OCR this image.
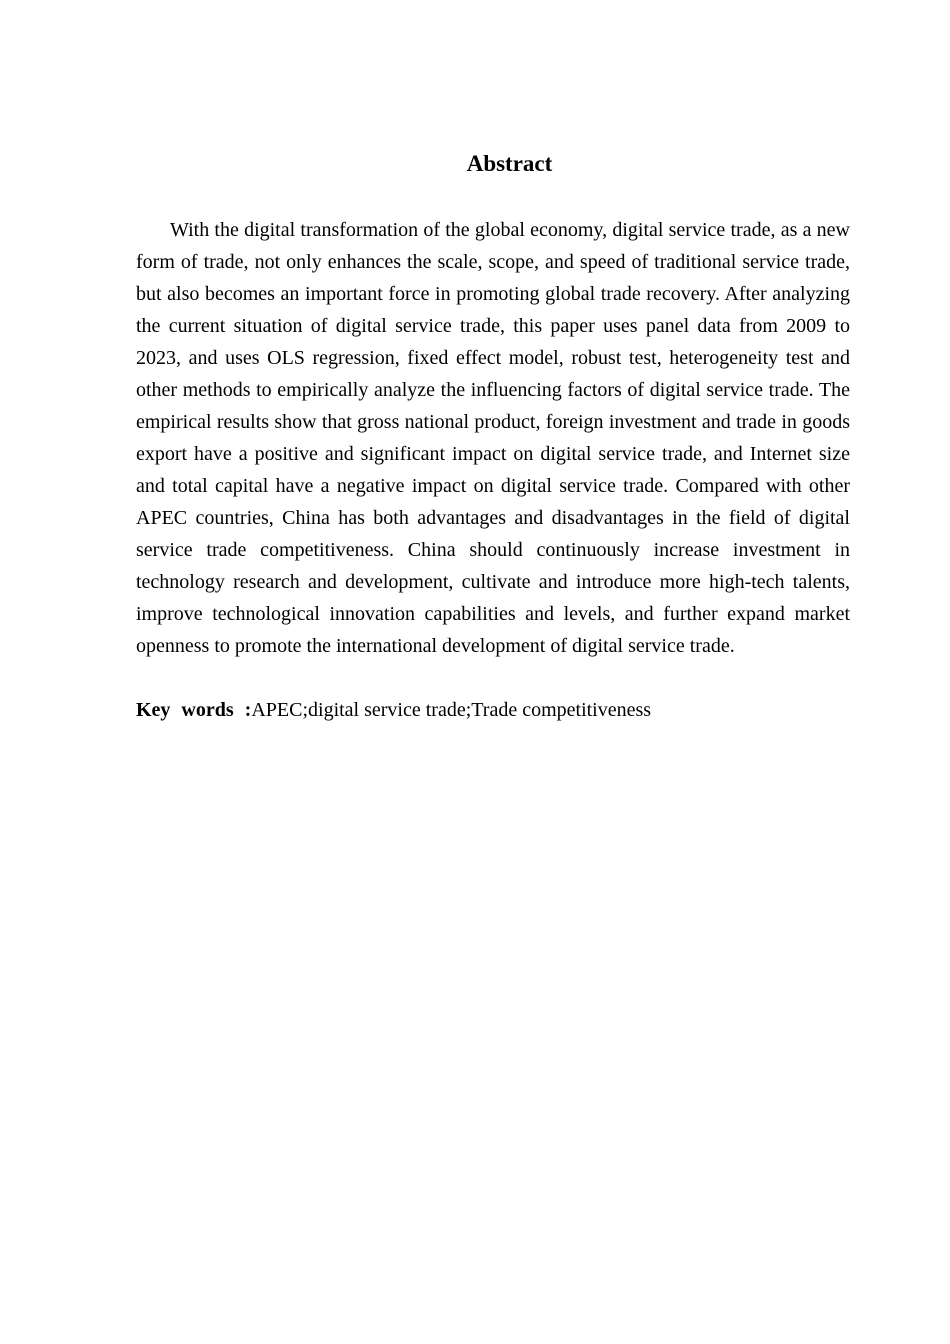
Abstract

With the digital transformation of the global economy, digital service trade, as a new form of trade, not only enhances the scale, scope, and speed of traditional service trade, but also becomes an important force in promoting global trade recovery. After analyzing the current situation of digital service trade, this paper uses panel data from 2009 to 2023, and uses OLS regression, fixed effect model, robust test, heterogeneity test and other methods to empirically analyze the influencing factors of digital service trade. The empirical results show that gross national product, foreign investment and trade in goods export have a positive and significant impact on digital service trade, and Internet size and total capital have a negative impact on digital service trade. Compared with other APEC countries, China has both advantages and disadvantages in the field of digital service trade competitiveness. China should continuously increase investment in technology research and development, cultivate and introduce more high-tech talents, improve technological innovation capabilities and levels, and further expand market openness to promote the international development of digital service trade.

Key words :APEC;digital service trade;Trade competitiveness
